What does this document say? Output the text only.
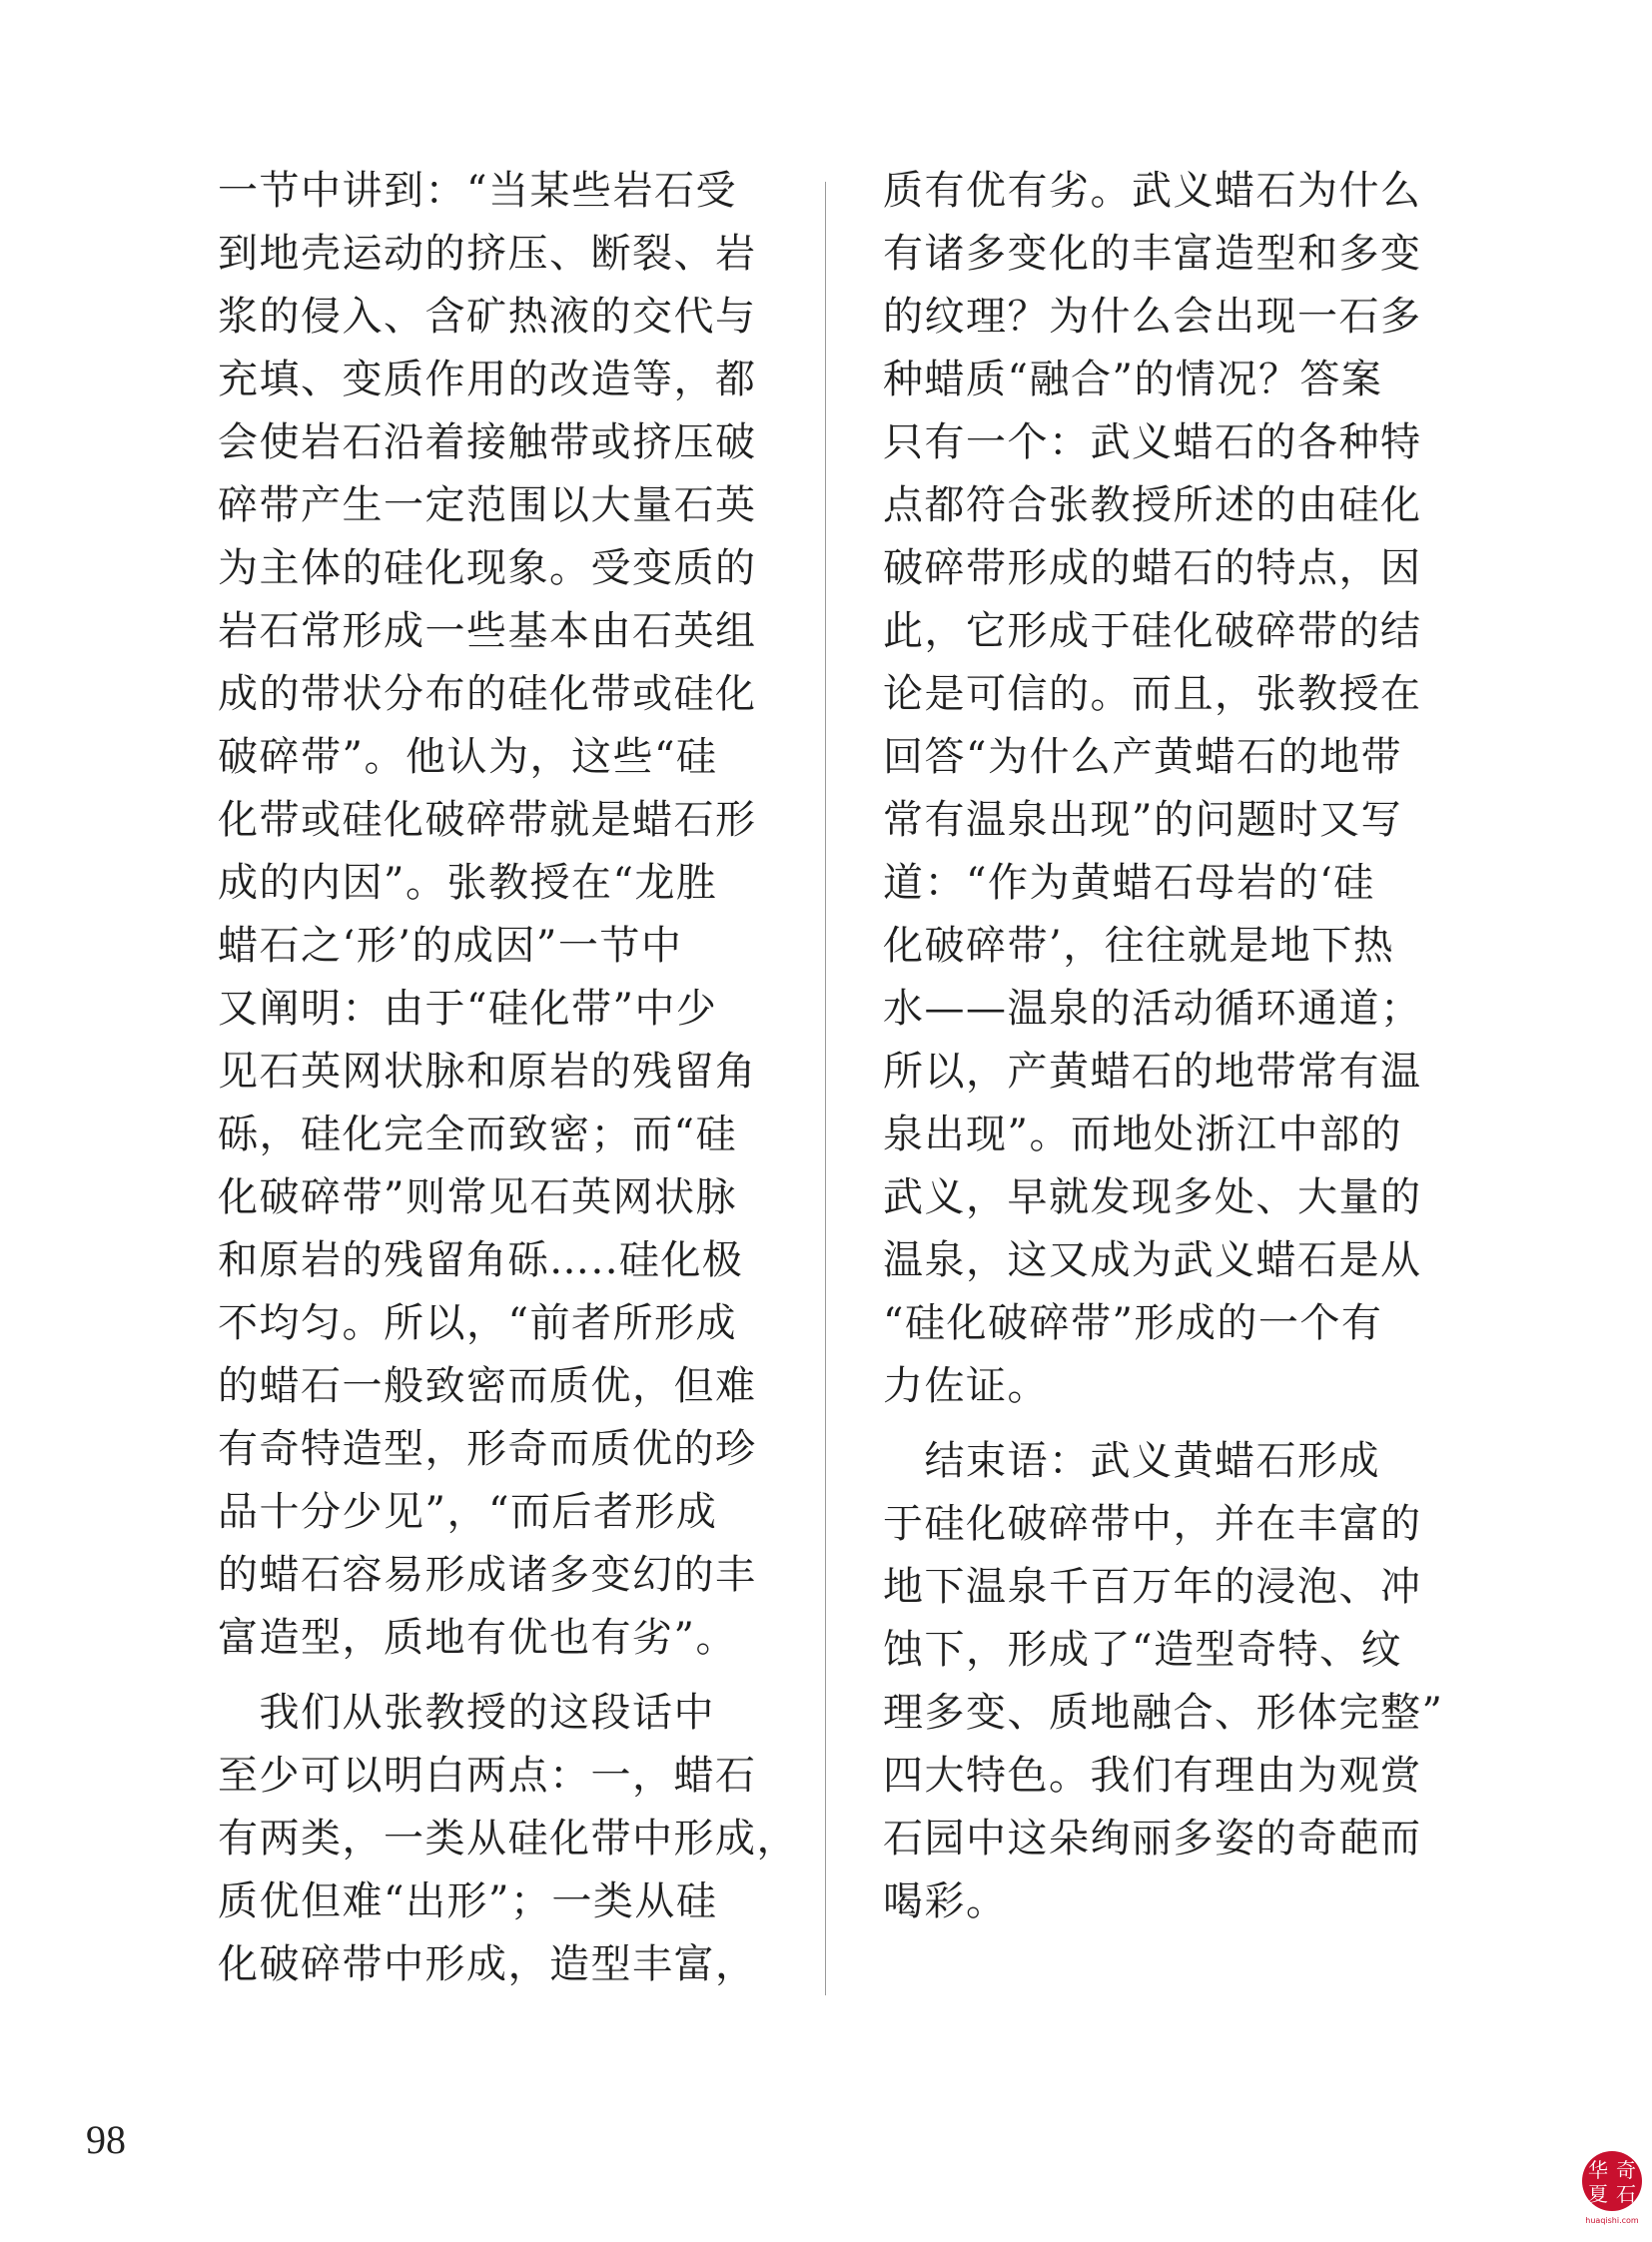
一节中讲到：“当某些岩石受
到地壳运动的挤压、断裂、岩
浆的侵入、含矿热液的交代与
充填、变质作用的改造等，都
会使岩石沿着接触带或挤压破
碎带产生一定范围以大量石英
为主体的硅化现象。受变质的
岩石常形成一些基本由石英组
成的带状分布的硅化带或硅化
破碎带”。他认为，这些“硅
化带或硅化破碎带就是蜡石形
成的内因”。张教授在“龙胜
蜡石之‘形’的成因”一节中
又阐明：由于“硅化带”中少
见石英网状脉和原岩的残留角
砾，硅化完全而致密；而“硅
化破碎带”则常见石英网状脉
和原岩的残留角砾…..硅化极
不均匀。所以，“前者所形成
的蜡石一般致密而质优，但难
有奇特造型，形奇而质优的珍
品十分少见”，“而后者形成
的蜡石容易形成诸多变幻的丰
富造型，质地有优也有劣”。
　我们从张教授的这段话中
至少可以明白两点：一，蜡石
有两类，一类从硅化带中形成，
质优但难“出形”；一类从硅
化破碎带中形成，造型丰富，
质有优有劣。武义蜡石为什么
有诸多变化的丰富造型和多变
的纹理？为什么会出现一石多
种蜡质“融合”的情况？答案
只有一个：武义蜡石的各种特
点都符合张教授所述的由硅化
破碎带形成的蜡石的特点，因
此，它形成于硅化破碎带的结
论是可信的。而且，张教授在
回答“为什么产黄蜡石的地带
常有温泉出现”的问题时又写
道：“作为黄蜡石母岩的‘硅
化破碎带’，往往就是地下热
水——温泉的活动循环通道；
所以，产黄蜡石的地带常有温
泉出现”。而地处浙江中部的
武义，早就发现多处、大量的
温泉，这又成为武义蜡石是从
“硅化破碎带”形成的一个有
力佐证。
　结束语：武义黄蜡石形成
于硅化破碎带中，并在丰富的
地下温泉千百万年的浸泡、冲
蚀下，形成了“造型奇特、纹
理多变、质地融合、形体完整”
四大特色。我们有理由为观赏
石园中这朵绚丽多姿的奇葩而
喝彩。
98
华 奇
夏 石
huaqishi.com
